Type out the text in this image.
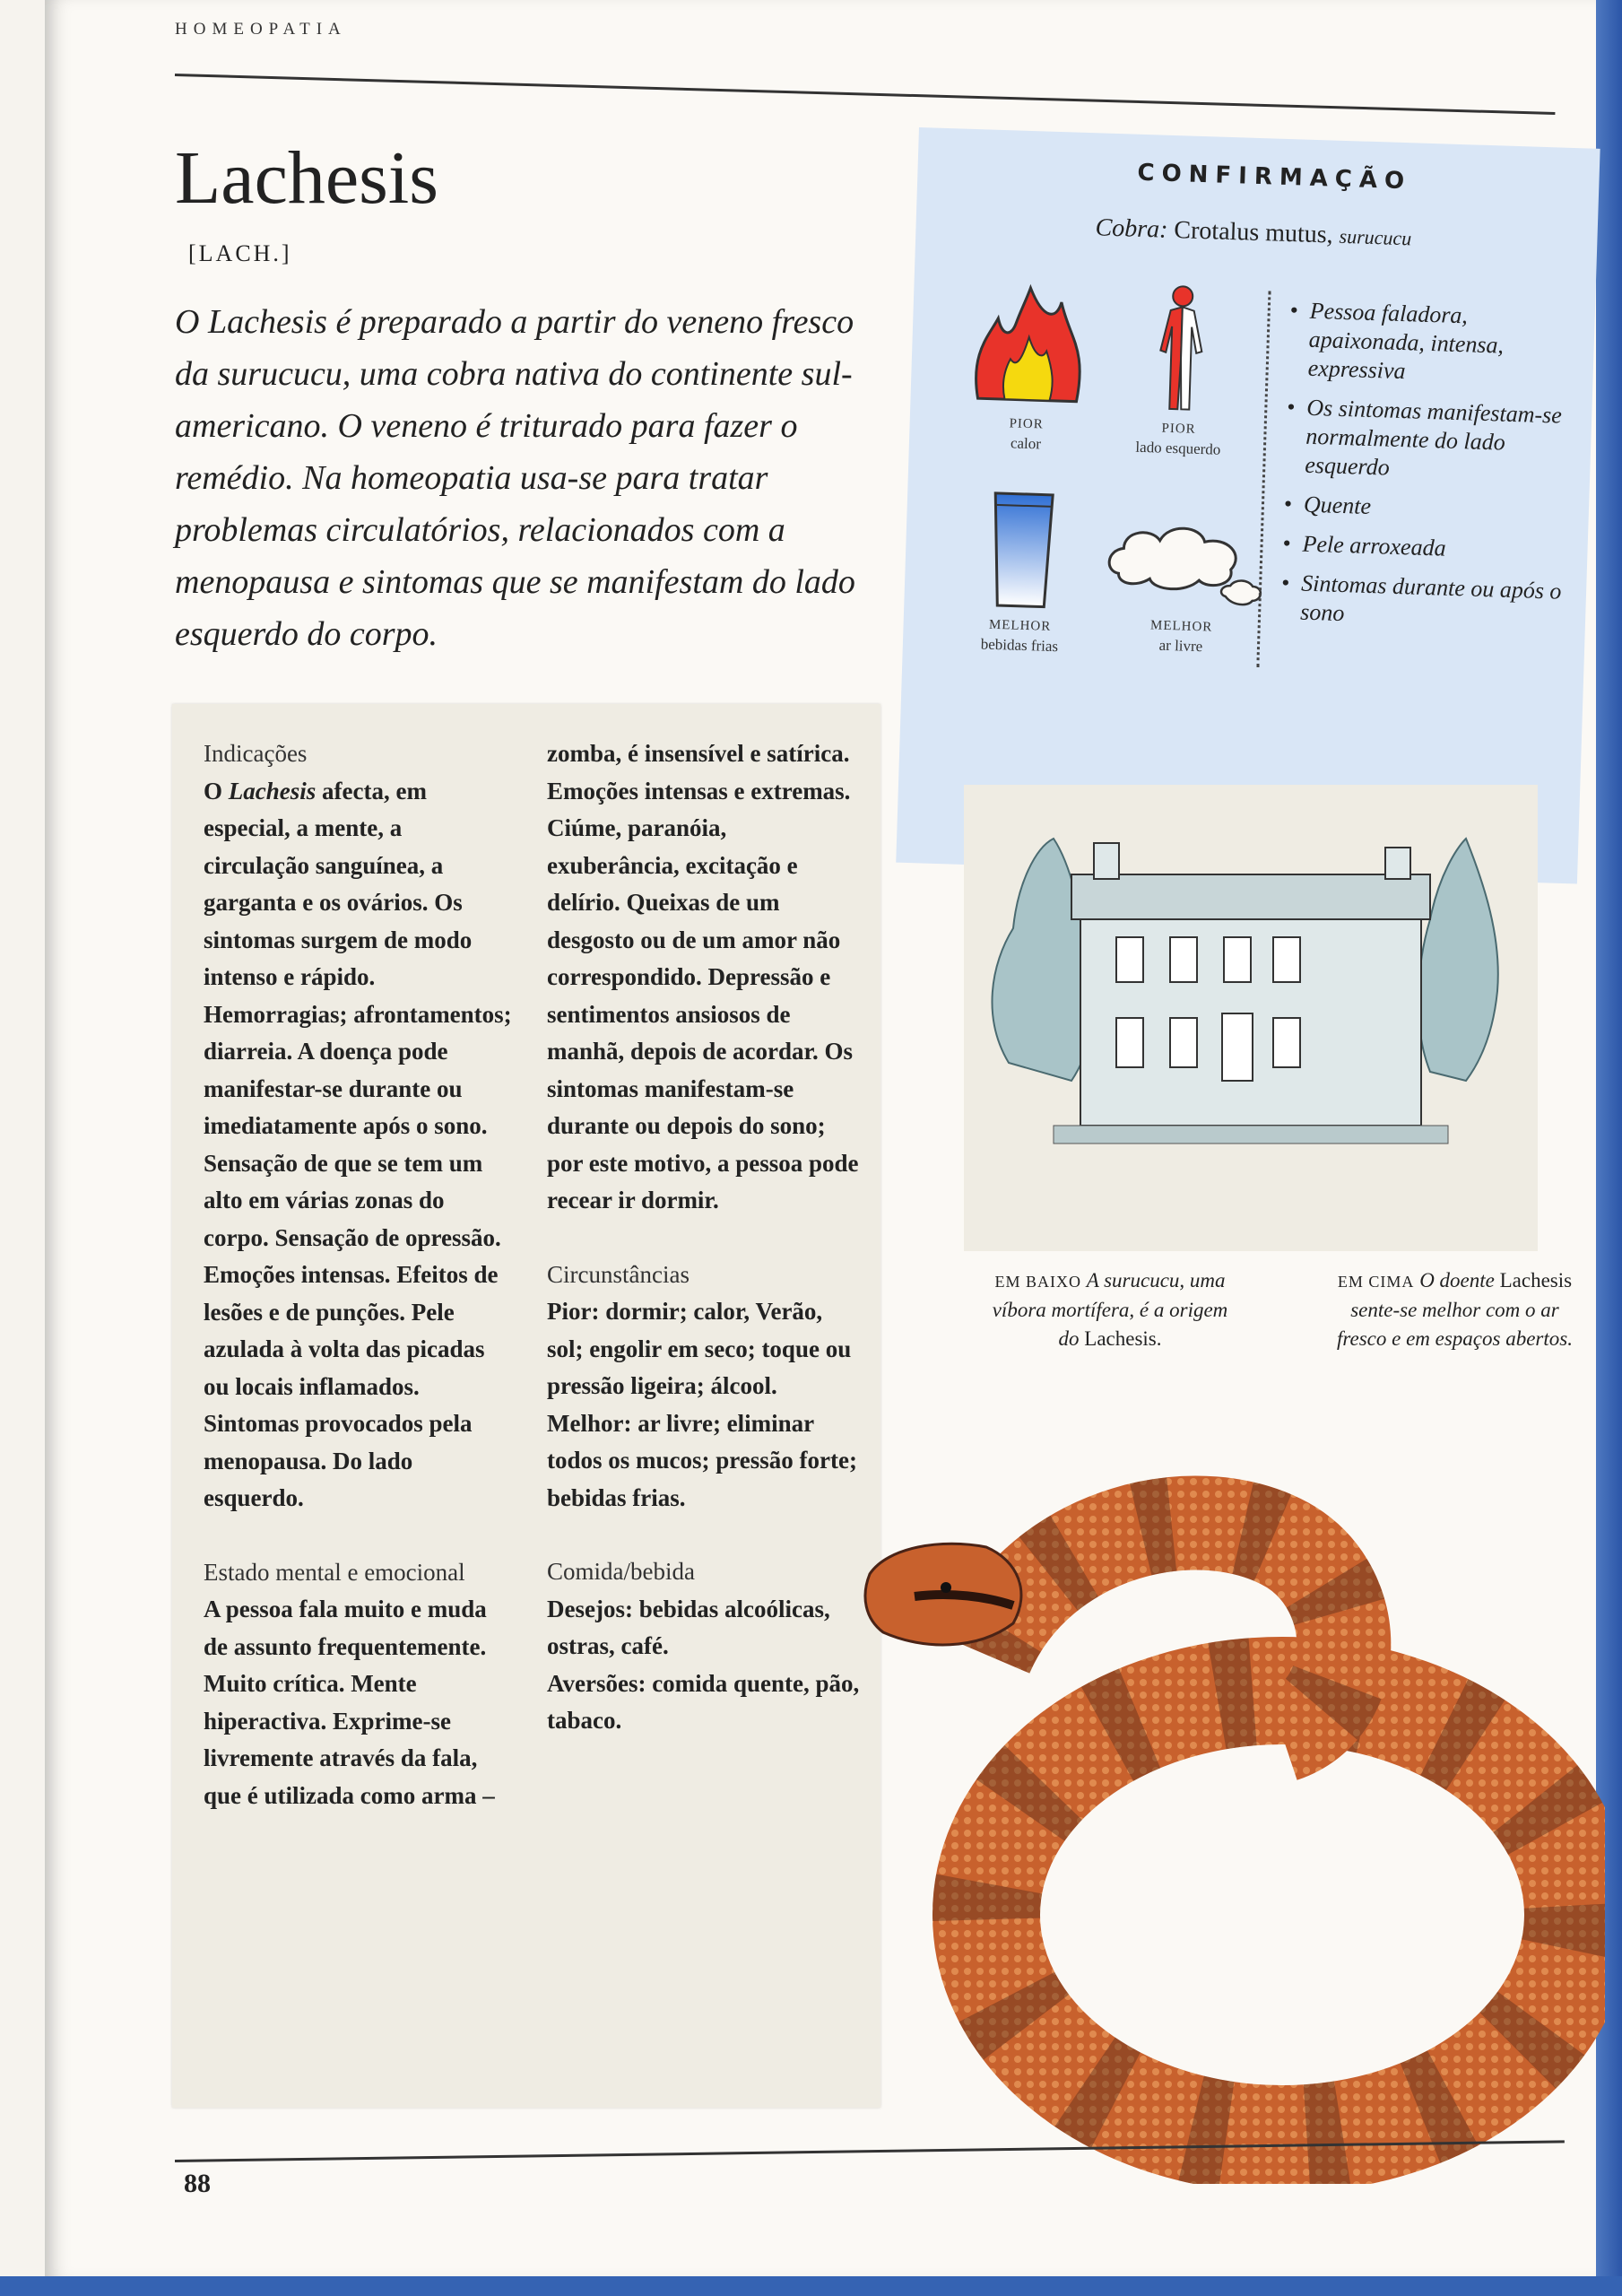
HOMEOPATIA
Lachesis
[LACH.]

O Lachesis é preparado a partir do veneno fresco da surucucu, uma cobra nativa do continente sul-americano. O veneno é triturado para fazer o remédio. Na homeopatia usa-se para tratar problemas circulatórios, relacionados com a menopausa e sintomas que se manifestam do lado esquerdo do corpo.

CONFIRMAÇÃO
Cobra: Crotalus mutus, surucucu
PIOR
calor
PIOR
lado esquerdo
MELHOR
bebidas frias
MELHOR
ar livre
• Pessoa faladora, apaixonada, intensa, expressiva
• Os sintomas manifestam-se normalmente do lado esquerdo
• Quente
• Pele arroxeada
• Sintomas durante ou após o sono

Indicações

O Lachesis afecta, em especial, a mente, a circulação sanguínea, a garganta e os ovários. Os sintomas surgem de modo intenso e rápido. Hemorragias; afrontamentos; diarreia. A doença pode manifestar-se durante ou imediatamente após o sono. Sensação de que se tem um alto em várias zonas do corpo. Sensação de opressão. Emoções intensas. Efeitos de lesões e de punções. Pele azulada à volta das picadas ou locais inflamados. Sintomas provocados pela menopausa. Do lado esquerdo.

Estado mental e emocional

A pessoa fala muito e muda de assunto frequentemente. Muito crítica. Mente hiperactiva. Exprime-se livremente através da fala, que é utilizada como arma –

zomba, é insensível e satírica. Emoções intensas e extremas. Ciúme, paranóia, exuberância, excitação e delírio. Queixas de um desgosto ou de um amor não correspondido. Depressão e sentimentos ansiosos de manhã, depois de acordar. Os sintomas manifestam-se durante ou depois do sono; por este motivo, a pessoa pode recear ir dormir.

Circunstâncias

Pior: dormir; calor, Verão, sol; engolir em seco; toque ou pressão ligeira; álcool.

Melhor: ar livre; eliminar todos os mucos; pressão forte; bebidas frias.

Comida/bebida

Desejos: bebidas alcoólicas, ostras, café.

Aversões: comida quente, pão, tabaco.

EM BAIXO A surucucu, uma víbora mortífera, é a origem do Lachesis.
EM CIMA O doente Lachesis sente-se melhor com o ar fresco e em espaços abertos.
88
